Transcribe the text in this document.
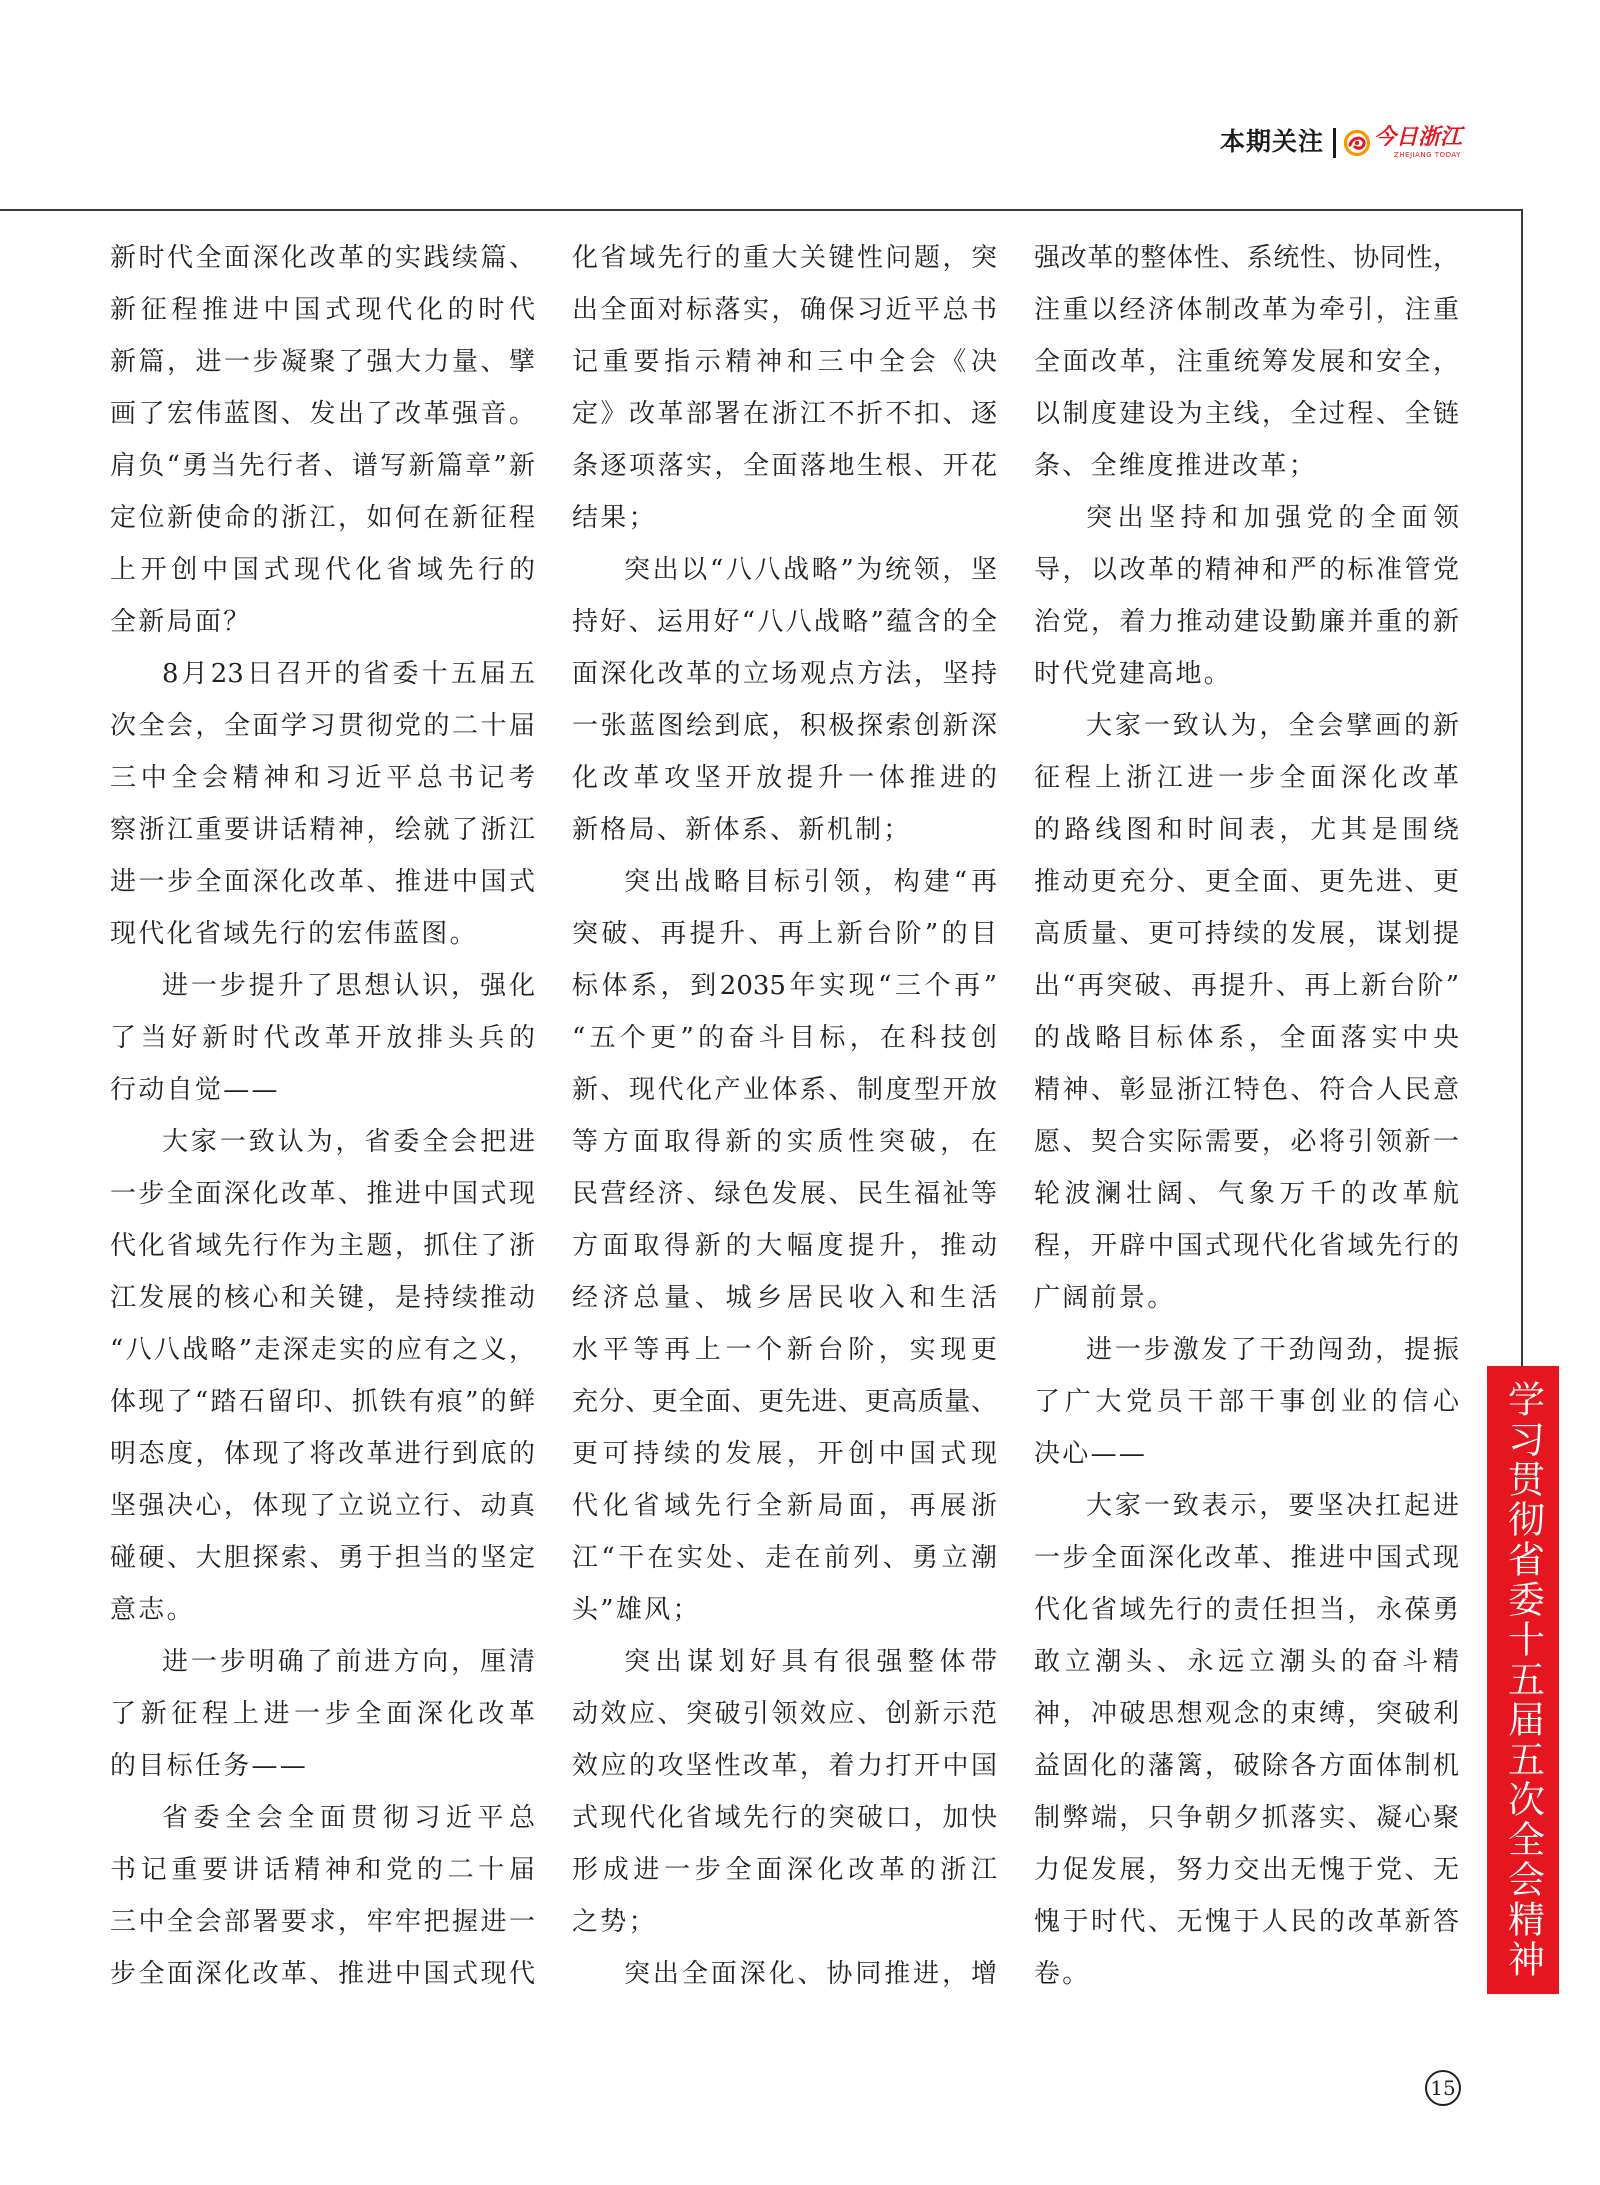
本期关注 今日浙江
ZHEJIANG TODAY
新时代全面深化改革的实践续篇、
新征程推进中国式现代化的时代
新篇，进一步凝聚了强大力量、擘
画了宏伟蓝图、发出了改革强音。
肩负“勇当先行者、谱写新篇章”新
定位新使命的浙江，如何在新征程
上开创中国式现代化省域先行的
全新局面？
8月23日召开的省委十五届五
次全会，全面学习贯彻党的二十届
三中全会精神和习近平总书记考
察浙江重要讲话精神，绘就了浙江
进一步全面深化改革、推进中国式
现代化省域先行的宏伟蓝图。
进一步提升了思想认识，强化
了当好新时代改革开放排头兵的
行动自觉——
大家一致认为，省委全会把进
一步全面深化改革、推进中国式现
代化省域先行作为主题，抓住了浙
江发展的核心和关键，是持续推动
“八八战略”走深走实的应有之义，
体现了“踏石留印、抓铁有痕”的鲜
明态度，体现了将改革进行到底的
坚强决心，体现了立说立行、动真
碰硬、大胆探索、勇于担当的坚定
意志。
进一步明确了前进方向，厘清
了新征程上进一步全面深化改革
的目标任务——
省委全会全面贯彻习近平总
书记重要讲话精神和党的二十届
三中全会部署要求，牢牢把握进一
步全面深化改革、推进中国式现代
化省域先行的重大关键性问题，突
出全面对标落实，确保习近平总书
记重要指示精神和三中全会《决
定》改革部署在浙江不折不扣、逐
条逐项落实，全面落地生根、开花
结果；
突出以“八八战略”为统领，坚
持好、运用好“八八战略”蕴含的全
面深化改革的立场观点方法，坚持
一张蓝图绘到底，积极探索创新深
化改革攻坚开放提升一体推进的
新格局、新体系、新机制；
突出战略目标引领，构建“再
突破、再提升、再上新台阶”的目
标体系，到2035年实现“三个再”
“五个更”的奋斗目标，在科技创
新、现代化产业体系、制度型开放
等方面取得新的实质性突破，在
民营经济、绿色发展、民生福祉等
方面取得新的大幅度提升，推动
经济总量、城乡居民收入和生活
水平等再上一个新台阶，实现更
充分、更全面、更先进、更高质量、
更可持续的发展，开创中国式现
代化省域先行全新局面，再展浙
江“干在实处、走在前列、勇立潮
头”雄风；
突出谋划好具有很强整体带
动效应、突破引领效应、创新示范
效应的攻坚性改革，着力打开中国
式现代化省域先行的突破口，加快
形成进一步全面深化改革的浙江
之势；
突出全面深化、协同推进，增
强改革的整体性、系统性、协同性，
注重以经济体制改革为牵引，注重
全面改革，注重统筹发展和安全，
以制度建设为主线，全过程、全链
条、全维度推进改革；
突出坚持和加强党的全面领
导，以改革的精神和严的标准管党
治党，着力推动建设勤廉并重的新
时代党建高地。
大家一致认为，全会擘画的新
征程上浙江进一步全面深化改革
的路线图和时间表，尤其是围绕
推动更充分、更全面、更先进、更
高质量、更可持续的发展，谋划提
出“再突破、再提升、再上新台阶”
的战略目标体系，全面落实中央
精神、彰显浙江特色、符合人民意
愿、契合实际需要，必将引领新一
轮波澜壮阔、气象万千的改革航
程，开辟中国式现代化省域先行的
广阔前景。
进一步激发了干劲闯劲，提振
了广大党员干部干事创业的信心
决心——
大家一致表示，要坚决扛起进
一步全面深化改革、推进中国式现
代化省域先行的责任担当，永葆勇
敢立潮头、永远立潮头的奋斗精
神，冲破思想观念的束缚，突破利
益固化的藩篱，破除各方面体制机
制弊端，只争朝夕抓落实、凝心聚
力促发展，努力交出无愧于党、无
愧于时代、无愧于人民的改革新答
卷。	学习贯彻省委十五届五次全会精神
15
